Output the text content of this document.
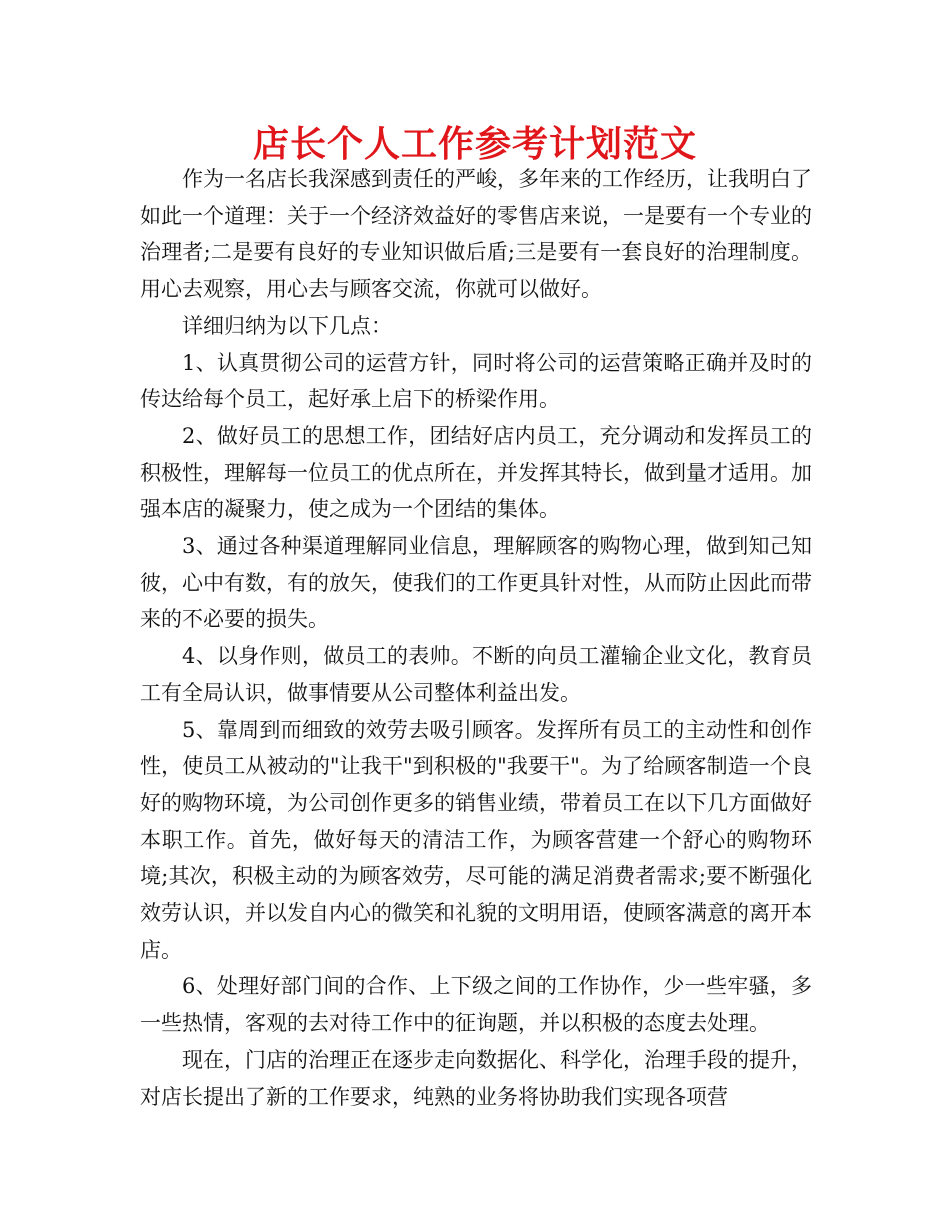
店长个人工作参考计划范文

作为一名店长我深感到责任的严峻，多年来的工作经历，让我明白了如此一个道理：关于一个经济效益好的零售店来说，一是要有一个专业的治理者;二是要有良好的专业知识做后盾;三是要有一套良好的治理制度。用心去观察，用心去与顾客交流，你就可以做好。

详细归纳为以下几点：

1、认真贯彻公司的运营方针，同时将公司的运营策略正确并及时的传达给每个员工，起好承上启下的桥梁作用。

2、做好员工的思想工作，团结好店内员工，充分调动和发挥员工的积极性，理解每一位员工的优点所在，并发挥其特长，做到量才适用。加强本店的凝聚力，使之成为一个团结的集体。

3、通过各种渠道理解同业信息，理解顾客的购物心理，做到知己知彼，心中有数，有的放矢，使我们的工作更具针对性，从而防止因此而带来的不必要的损失。

4、以身作则，做员工的表帅。不断的向员工灌输企业文化，教育员工有全局认识，做事情要从公司整体利益出发。

5、靠周到而细致的效劳去吸引顾客。发挥所有员工的主动性和创作性，使员工从被动的"让我干"到积极的"我要干"。为了给顾客制造一个良好的购物环境，为公司创作更多的销售业绩，带着员工在以下几方面做好本职工作。首先，做好每天的清洁工作，为顾客营建一个舒心的购物环境;其次，积极主动的为顾客效劳，尽可能的满足消费者需求;要不断强化效劳认识，并以发自内心的微笑和礼貌的文明用语，使顾客满意的离开本店。

6、处理好部门间的合作、上下级之间的工作协作，少一些牢骚，多一些热情，客观的去对待工作中的征询题，并以积极的态度去处理。

现在，门店的治理正在逐步走向数据化、科学化，治理手段的提升，对店长提出了新的工作要求，纯熟的业务将协助我们实现各项营
